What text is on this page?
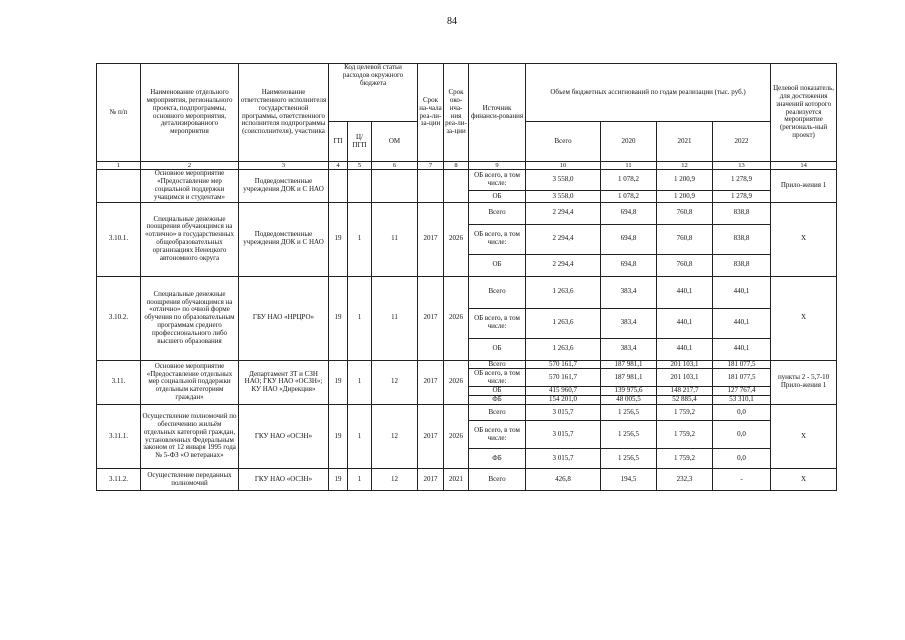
84
№ п/п	Наименование отдельного мероприятия, регионального проекта, подпрограммы, основного мероприятия, детализированного мероприятия	Наименование ответственного исполнителя государственной программы, ответственного исполнителя подпрограммы (соисполнителя), участника	Код целевой статьи расходов окружного бюджета			Срок на-чала реа-ли-за-ции	Срок око-нча-ния реа-ли-за-ции	Источник финанси-рования	Объем бюджетных ассигнований по годам реализации (тыс. руб.)				Целевой показатель, для достижения значений которого реализуется мероприятие (региональ-ный проект)
			ГП	Ц/ПГП	ОМ				Всего	2020	2021	2022	
1	2	3	4	5	6	7	8	9	10	11	12	13	14
	Основное мероприятие «Предоставление мер социальной поддержки учащимся и студентам»	Подведомственные учреждения ДОК и С НАО						ОБ всего, в том числе:	3 558,0	1 078,2	1 200,9	1 278,9	Прило-жения 1
								ОБ	3 558,0	1 078,2	1 200,9	1 278,9	
3.10.1.	Специальные денежные поощрения обучающимся на «отлично» в государственных общеобразовательных организациях Ненецкого автономного округа	Подведомственные учреждения ДОК и С НАО	19	1	11	2017	2026	Всего	2 294,4	694,8	760,8	838,8	Х
								ОБ всего, в том числе:	2 294,4	694,8	760,8	838,8	
								ОБ	2 294,4	694,8	760,8	838,8	
3.10.2.	Специальные денежные поощрения обучающимся на «отлично» по очной форме обучения по образовательным программам среднего профессионального либо высшего образования	ГБУ НАО «НРЦРО»	19	1	11	2017	2026	Всего	1 263,6	383,4	440,1	440,1	Х
								ОБ всего, в том числе:	1 263,6	383,4	440,1	440,1	
								ОБ	1 263,6	383,4	440,1	440,1	
3.11.	Основное мероприятие «Предоставление отдельных мер социальной поддержки отдельным категориям граждан»	Департамент ЗТ и СЗН НАО; ГКУ НАО «ОСЗН»; КУ НАО «Дирекция»	19	1	12	2017	2026	Всего	570 161,7	187 981,1	201 103,1	181 077,5	пункты 2 - 5,7-10 Прило-жения 1
								ОБ всего, в том числе:	570 161,7	187 981,1	201 103,1	181 077,5	
								ОБ	415 960,7	139 975,6	148 217,7	127 767,4	
								ФБ	154 201,0	48 005,5	52 885,4	53 310,1	
3.11.1.	Осуществление полномочий по обеспечению жильём отдельных категорий граждан, установленных Федеральным законом от 12 января 1995 года № 5-ФЗ «О ветеранах»	ГКУ НАО «ОСЗН»	19	1	12	2017	2026	Всего	3 015,7	1 256,5	1 759,2	0,0	Х
								ОБ всего, в том числе:	3 015,7	1 256,5	1 759,2	0,0	
								ФБ	3 015,7	1 256,5	1 759,2	0,0	
3.11.2.	Осуществление переданных полномочий	ГКУ НАО «ОСЗН»	19	1	12	2017	2021	Всего	426,8	194,5	232,3	-	Х
